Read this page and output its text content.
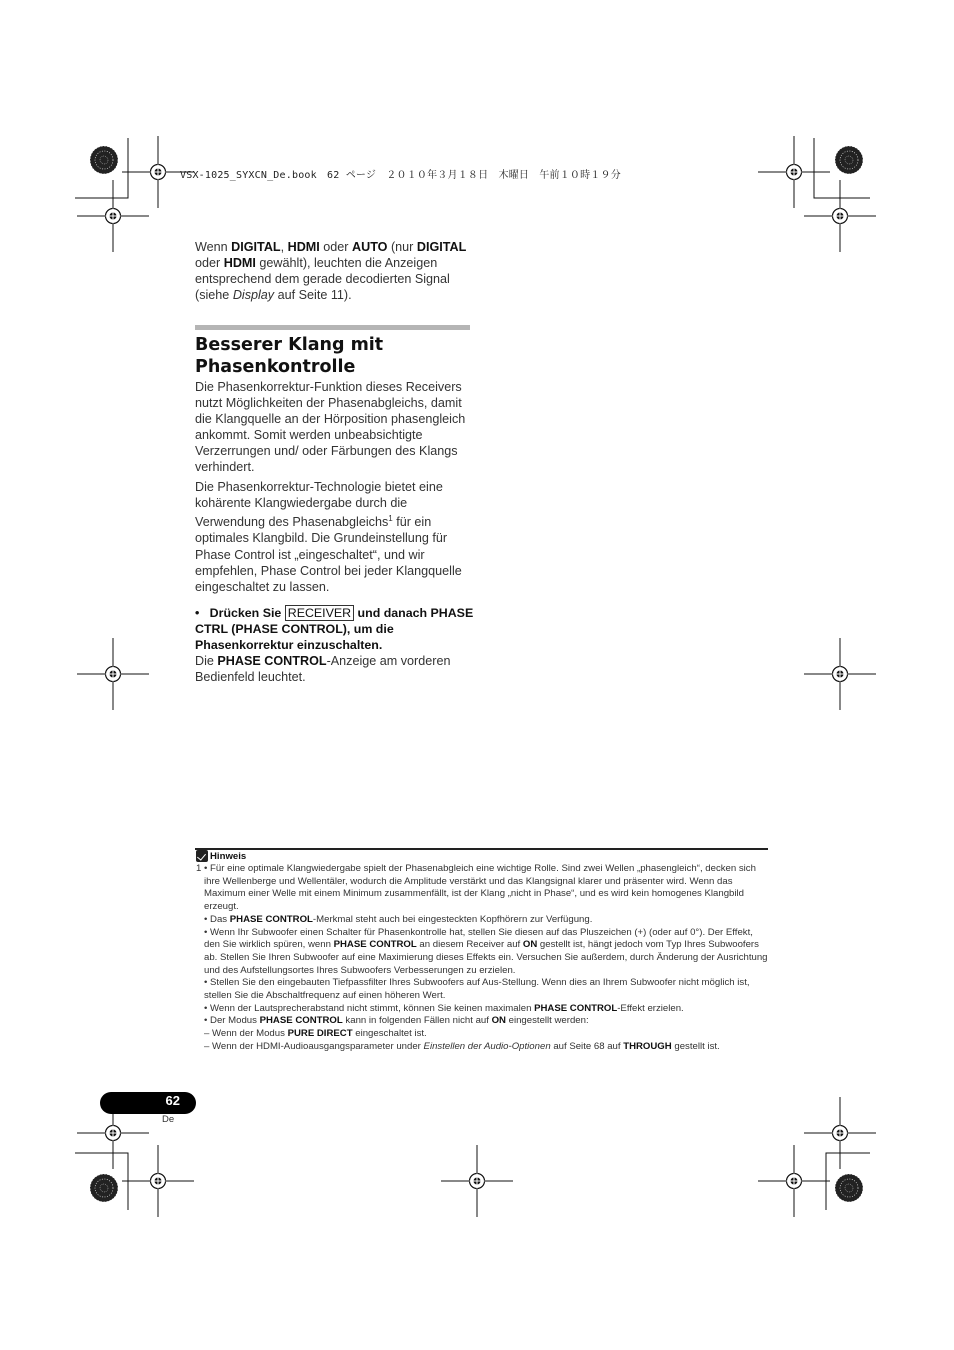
VSX-1025_SYXCN_De.book　62 ページ　２０１０年３月１８日　木曜日　午前１０時１９分
Wenn DIGITAL, HDMI oder AUTO (nur DIGITAL oder HDMI gewählt), leuchten die Anzeigen entsprechend dem gerade decodierten Signal (siehe Display auf Seite 11).
Besserer Klang mit Phasenkontrolle
Die Phasenkorrektur-Funktion dieses Receivers nutzt Möglichkeiten der Phasenabgleichs, damit die Klangquelle an der Hörposition phasengleich ankommt. Somit werden unbeabsichtigte Verzerrungen und/ oder Färbungen des Klangs verhindert.
Die Phasenkorrektur-Technologie bietet eine kohärente Klangwiedergabe durch die Verwendung des Phasenabgleichs$^1$ für ein optimales Klangbild. Die Grundeinstellung für Phase Control ist „eingeschaltet“, und wir empfehlen, Phase Control bei jeder Klangquelle eingeschaltet zu lassen.
• Drücken Sie RECEIVER und danach PHASE CTRL (PHASE CONTROL), um die Phasenkorrektur einzuschalten.
Die PHASE CONTROL-Anzeige am vorderen Bedienfeld leuchtet.
Hinweis
1 • Für eine optimale Klangwiedergabe spielt der Phasenabgleich eine wichtige Rolle. Sind zwei Wellen „phasengleich“, decken sich ihre Wellenberge und Wellentäler, wodurch die Amplitude verstärkt und das Klangsignal klarer und präsenter wird. Wenn das Maximum einer Welle mit einem Minimum zusammenfällt, ist der Klang „nicht in Phase“, und es wird kein homogenes Klangbild erzeugt.
• Das PHASE CONTROL-Merkmal steht auch bei eingesteckten Kopfhörern zur Verfügung.
• Wenn Ihr Subwoofer einen Schalter für Phasenkontrolle hat, stellen Sie diesen auf das Pluszeichen (+) (oder auf 0°). Der Effekt, den Sie wirklich spüren, wenn PHASE CONTROL an diesem Receiver auf ON gestellt ist, hängt jedoch vom Typ Ihres Subwoofers ab. Stellen Sie Ihren Subwoofer auf eine Maximierung dieses Effekts ein. Versuchen Sie außerdem, durch Änderung der Ausrichtung und des Aufstellungsortes Ihres Subwoofers Verbesserungen zu erzielen.
• Stellen Sie den eingebauten Tiefpassfilter Ihres Subwoofers auf Aus-Stellung. Wenn dies an Ihrem Subwoofer nicht möglich ist, stellen Sie die Abschaltfrequenz auf einen höheren Wert.
• Wenn der Lautsprecherabstand nicht stimmt, können Sie keinen maximalen PHASE CONTROL-Effekt erzielen.
• Der Modus PHASE CONTROL kann in folgenden Fällen nicht auf ON eingestellt werden:
– Wenn der Modus PURE DIRECT eingeschaltet ist.
– Wenn der HDMI-Audioausgangsparameter under Einstellen der Audio-Optionen auf Seite 68 auf THROUGH gestellt ist.
62
De
